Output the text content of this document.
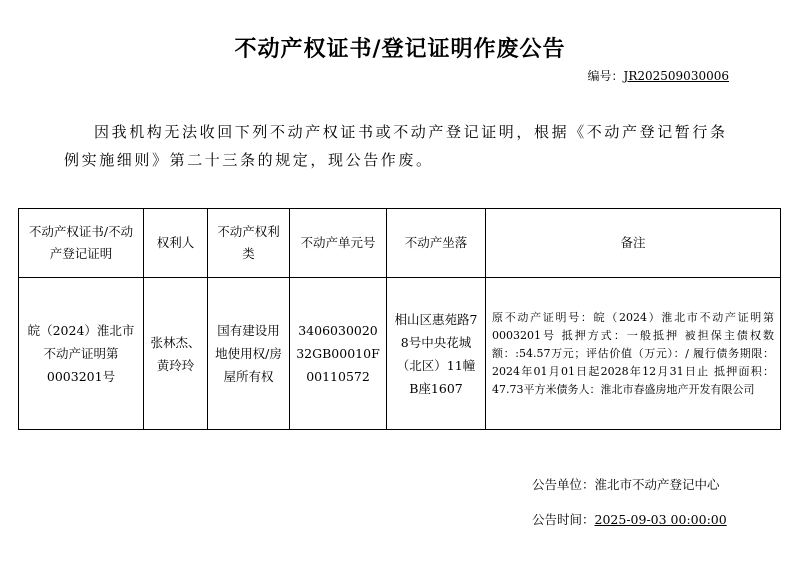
不动产权证书/登记证明作废公告
编号：JR202509030006
因我机构无法收回下列不动产权证书或不动产登记证明，根据《不动产登记暂行条例实施细则》第二十三条的规定，现公告作废。
不动产权证书/不动产登记证明	权利人	不动产权利类	不动产单元号	不动产坐落	备注
皖（2024）淮北市不动产证明第0003201号	张林杰、黄玲玲	国有建设用地使用权/房屋所有权	340603002032GB00010F00110572	相山区惠苑路78号中央花城（北区）11幢B座1607	原不动产证明号：皖（2024）淮北市不动产证明第0003201号 抵押方式：一般抵押 被担保主债权数额：:54.57万元；评估价值（万元）：/ 履行债务期限：2024年01月01日起2028年12月31日止 抵押面积：47.73平方米债务人：淮北市春盛房地产开发有限公司
公告单位：淮北市不动产登记中心
公告时间：2025-09-03 00:00:00
